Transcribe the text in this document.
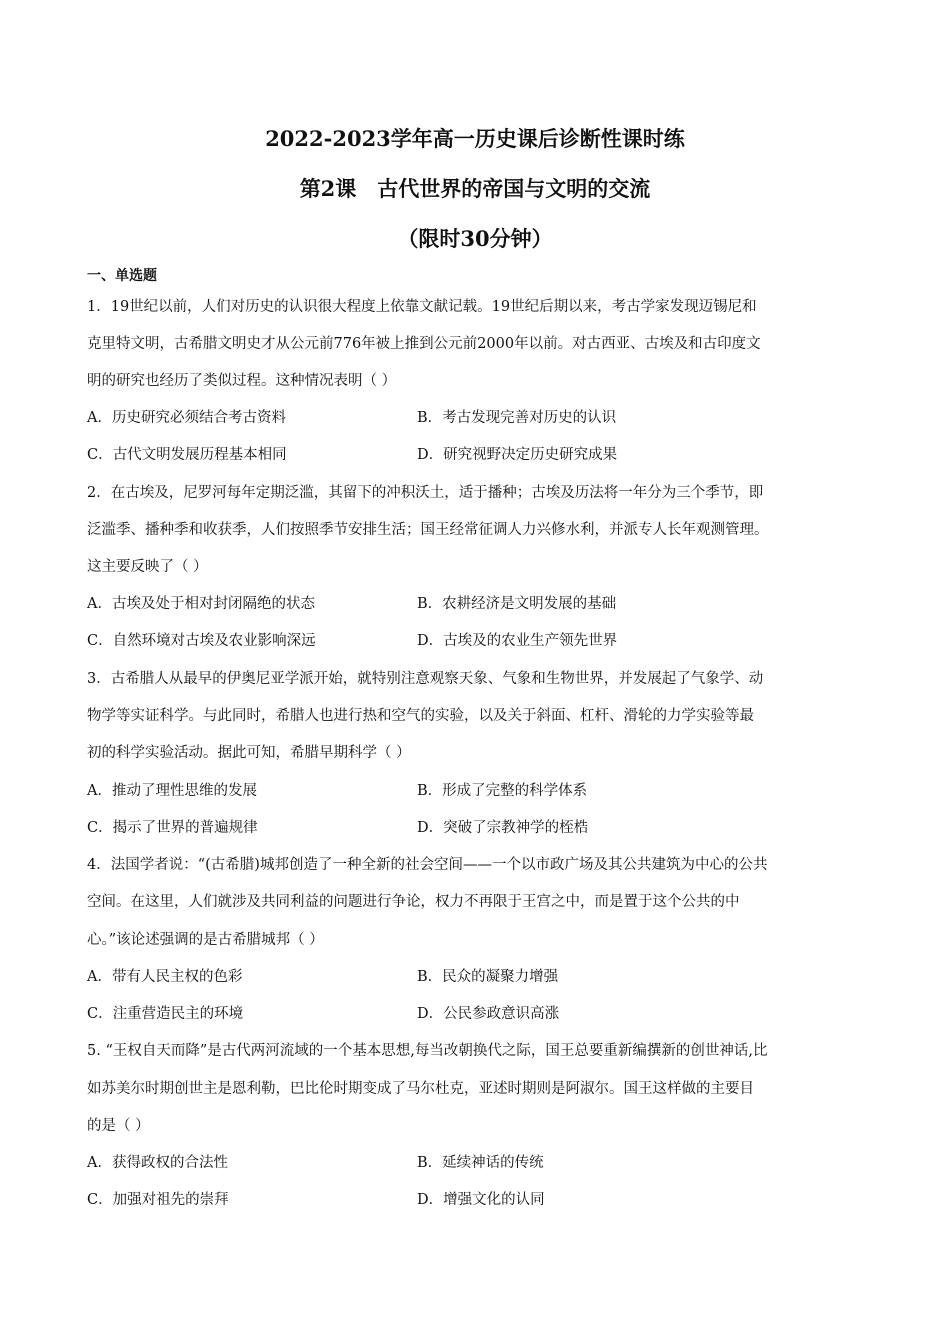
2022-2023学年高一历史课后诊断性课时练
第2课　古代世界的帝国与文明的交流
（限时30分钟）
一、单选题
1．19世纪以前，人们对历史的认识很大程度上依靠文献记载。19世纪后期以来，考古学家发现迈锡尼和
克里特文明，古希腊文明史才从公元前776年被上推到公元前2000年以前。对古西亚、古埃及和古印度文
明的研究也经历了类似过程。这种情况表明（ ）
A．历史研究必须结合考古资料	B．考古发现完善对历史的认识
C．古代文明发展历程基本相同	D．研究视野决定历史研究成果
2．在古埃及，尼罗河每年定期泛滥，其留下的冲积沃土，适于播种；古埃及历法将一年分为三个季节，即
泛滥季、播种季和收获季，人们按照季节安排生活；国王经常征调人力兴修水利，并派专人长年观测管理。
这主要反映了（ ）
A．古埃及处于相对封闭隔绝的状态	B．农耕经济是文明发展的基础
C．自然环境对古埃及农业影响深远	D．古埃及的农业生产领先世界
3．古希腊人从最早的伊奥尼亚学派开始，就特别注意观察天象、气象和生物世界，并发展起了气象学、动
物学等实证科学。与此同时，希腊人也进行热和空气的实验，以及关于斜面、杠杆、滑轮的力学实验等最
初的科学实验活动。据此可知，希腊早期科学（ ）
A．推动了理性思维的发展	B．形成了完整的科学体系
C．揭示了世界的普遍规律	D．突破了宗教神学的桎梏
4．法国学者说：“(古希腊)城邦创造了一种全新的社会空间——一个以市政广场及其公共建筑为中心的公共
空间。在这里，人们就涉及共同利益的问题进行争论，权力不再限于王宫之中，而是置于这个公共的中
心。”该论述强调的是古希腊城邦（ ）
A．带有人民主权的色彩	B．民众的凝聚力增强
C．注重营造民主的环境	D．公民参政意识高涨
5. “王权自天而降”是古代两河流域的一个基本思想,每当改朝换代之际，国王总要重新编撰新的创世神话,比
如苏美尔时期创世主是恩利勒，巴比伦时期变成了马尔杜克，亚述时期则是阿淑尔。国王这样做的主要目
的是（ ）
A．获得政权的合法性	B．延续神话的传统
C．加强对祖先的崇拜	D．增强文化的认同
